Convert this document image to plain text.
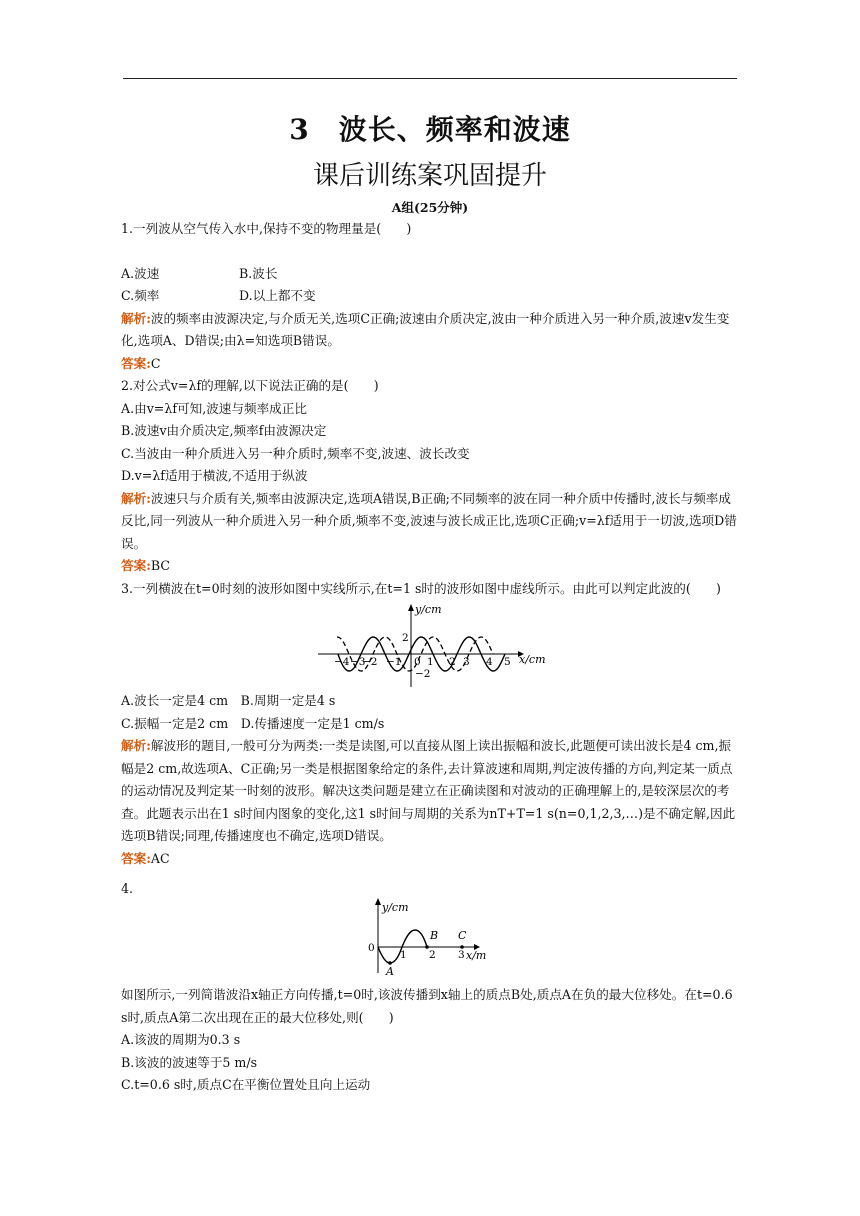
3　波长、频率和波速
课后训练案巩固提升
A组(25分钟)

1.一列波从空气传入水中,保持不变的物理量是(　　)

A.波速	B.波长
C.频率	D.以上都不变

解析:波的频率由波源决定,与介质无关,选项C正确;波速由介质决定,波由一种介质进入另一种介质,波速v发生变化,选项A、D错误;由λ=知选项B错误。

答案:C

2.对公式v=λf的理解,以下说法正确的是(　　)

A.由v=λf可知,波速与频率成正比

B.波速v由介质决定,频率f由波源决定

C.当波由一种介质进入另一种介质时,频率不变,波速、波长改变

D.v=λf适用于横波,不适用于纵波

解析:波速只与介质有关,频率由波源决定,选项A错误,B正确;不同频率的波在同一种介质中传播时,波长与频率成反比,同一列波从一种介质进入另一种介质,频率不变,波速与波长成正比,选项C正确;v=λf适用于一切波,选项D错误。

答案:BC

3.一列横波在t=0时刻的波形如图中实线所示,在t=1 s时的波形如图中虚线所示。由此可以判定此波的(　　)

y/cm
x/cm
2
−2
−4 −3
−2 −1 0 1 2 3 4 5

A.波长一定是4 cm　B.周期一定是4 s

C.振幅一定是2 cm　D.传播速度一定是1 cm/s

解析:解波形的题目,一般可分为两类:一类是读图,可以直接从图上读出振幅和波长,此题便可读出波长是4 cm,振幅是2 cm,故选项A、C正确;另一类是根据图象给定的条件,去计算波速和周期,判定波传播的方向,判定某一质点的运动情况及判定某一时刻的波形。解决这类问题是建立在正确读图和对波动的正确理解上的,是较深层次的考查。此题表示出在1 s时间内图象的变化,这1 s时间与周期的关系为nT+T=1 s(n=0,1,2,3,…)是不确定解,因此选项B错误;同理,传播速度也不确定,选项D错误。

答案:AC

4.

y/cm
x/m
0
1 2 3
A
B C

如图所示,一列简谐波沿x轴正方向传播,t=0时,该波传播到x轴上的质点B处,质点A在负的最大位移处。在t=0.6 s时,质点A第二次出现在正的最大位移处,则(　　)

A.该波的周期为0.3 s

B.该波的波速等于5 m/s

C.t=0.6 s时,质点C在平衡位置处且向上运动
